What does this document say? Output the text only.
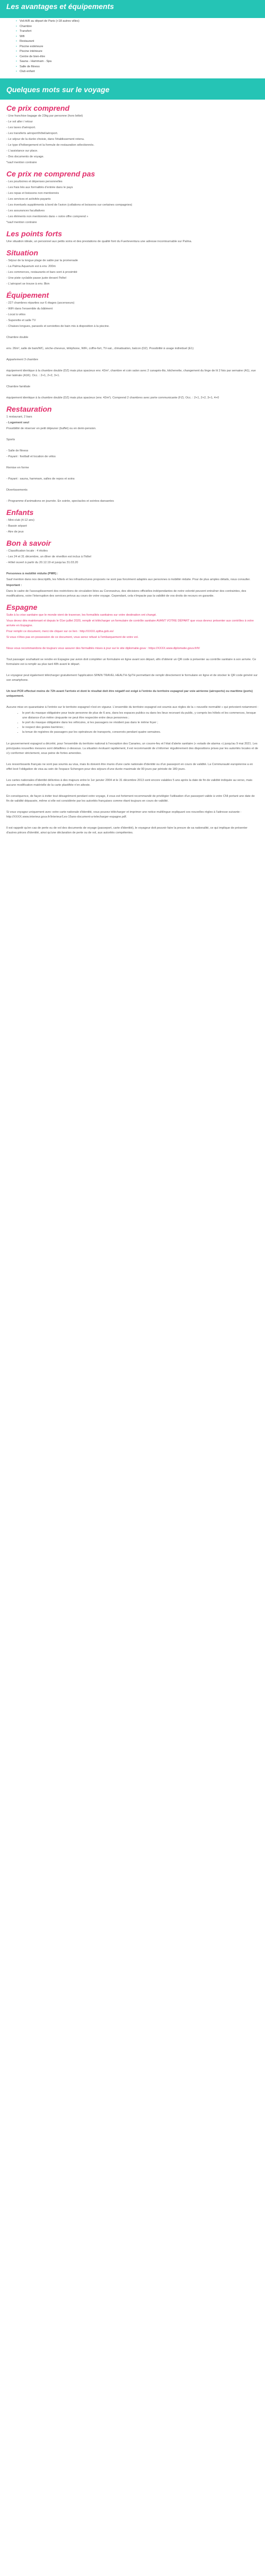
Les avantages et équipements
• Voli A/R au départ de Paris (+18 autres villes)
• Chambre
• Transfert
• Wifi
• Restaurant
• Piscine extérieure
• Piscine intérieure
• Centre de bien-être
• Sauna - Hammam - Spa
• Salle de fitness
• Club enfant
Quelques mots sur le voyage
Ce prix comprend
- Une franchise bagage de 23kg par personne (hors bébé)
- Le vol aller / retour
- Les taxes d'aéroport.
- Les transferts aéroport/hôtel/aéroport.
- Le séjour de la durée choisie, dans l'établissement retenu.
- Le type d'hébergement et la formule de restauration sélectionnés.
- L'assistance sur place.
- Des documents de voyage.
*sauf mention contraire
Ce prix ne comprend pas
- Les pourboires et dépenses personnelles
- Les frais liés aux formalités d'entrée dans le pays
- Les repas et boissons non mentionnés
- Les services et activités payants
- Les éventuels suppléments à bord de l'avion (collations et boissons sur certaines compagnies)
- Les assurances facultatives
- Les éléments non mentionnés dans « notre offre comprend »
*sauf mention contraire
Les points forts
Une situation idéale, un personnel aux petits soins et des prestations de qualité font du Fuerteventura une adresse incontournable sur Palma.
Situation
- Séjour de la longue plage de sable par la promenade
- La Palma Aquarium est à env. 200m
- Les commerces, restaurants et bars sont à proximité
- Une piste cyclable passe juste devant l'hôtel
- L'aéroport se trouve à env. 8km
Équipement
- 227 chambres réparties sur 6 étages (ascenseurs)
- WiFi dans l'ensemble du bâtiment
- Local à vélos
- Superette et salle TV
- Chaises longues, parasols et serviettes de bain mis à disposition à la piscine.
Chambre double
env. 26m², salle de bain/WC, sèche-cheveux, téléphone, WiFi, coffre-fort, TV-sat., climatisation, balcon (DZ). Possibilité à usage individuel (E1)
Appartement 3 chambre
équipement identique à la chambre double (DZ) mais plus spacieux env. 42m², chambre et coin salon avec 2 canapés-lits, kitchenette, changement du linge de lit 2 fois par semaine (A1), vue mer latérale (A1K). Occ. : 2+1, 2+2, 3+1.
Chambre familiale
équipement identique à la chambre double (DZ) mais plus spacieux (env. 42m²). Comprend 2 chambres avec porte communicante (FZ). Occ. : 2+1, 2+2, 3+1, 4+0
Restauration
1 restaurant, 2 bars
- Logement seul
Possibilité de réserver en petit déjeuner (buffet) ou en demi-pension.
Sports
- Salle de fitness
- Payant : football et location de vélos
Remise en forme
- Payant : sauna, hammam, salles de repos et soins
Divertissements
- Programme d'animations en journée. En soirée, spectacles et soirées dansantes
Enfants
- Mini-club (4-12 ans)
- Bassin séparé
- Aire de jeux
Bon à savoir
- Classification locale : 4 étoiles
- Les 24 et 31 décembre, un dîner de réveillon est inclus à l'hôtel
- Hôtel ouvert à partir du 20.12.19 et jusqu'au 31.03.20
Personnes à mobilité réduite (PMR) :
Sauf mention dans nos descriptifs, les hôtels et les infrastructures proposés ne sont pas forcément adaptés aux personnes à mobilité réduite. Pour de plus amples détails, nous consulter.
Important :
Dans le cadre de l'assouplissement des restrictions de circulation liées au Coronavirus, des décisions officielles indépendantes de notre volonté peuvent entraîner des contraintes, des modifications, voire l'interruption des services prévus au cours de votre voyage. Cependant, cela n'impacte pas la validité de vos droits de recours en garantie.
Espagne
Suite à la crise sanitaire que le monde vient de traverser, les formalités sanitaires sur votre destination ont changé.
Vous devez dès maintenant et depuis le 01er juillet 2020, remplir et télécharger un formulaire de contrôle sanitaire AVANT VOTRE DÉPART que vous devrez présenter aux contrôles à votre arrivée en Espagne.
Pour remplir ce document, merci de cliquer sur ce lien : http://XXXX.sptha.gob.es/
Si vous n'êtes pas en possession de ce document, vous serez refusé à l'embarquement de votre vol.
Nous vous recommandons de toujours vous assurer des formalités mises à jour sur le site diplomatie.gouv : https://XXXX.www.diplomatie.gouv.fr/fr/
Tout passager souhaitant se rendre en Espagne par avion doit compléter un formulaire en ligne avant son départ, afin d'obtenir un QR code à présenter au contrôle sanitaire à son arrivée. Ce formulaire est à remplir au plus tard 48h avant le départ.
Le voyageur peut également télécharger gratuitement l'application SPAIN TRAVEL HEALTH-SpTH permettant de remplir directement le formulaire en ligne et de stocker le QR code généré sur son smartphone.
Un test PCR effectué moins de 72h avant l'arrivée et dont le résultat doit être négatif est exigé à l'entrée du territoire espagnol par voie aérienne (aéroports) ou maritime (ports) uniquement.
Aucune mise en quarantaine à l'entrée sur le territoire espagnol n'est en vigueur. L'ensemble du territoire espagnol est soumis aux règles de la « nouvelle normalité » qui prévoient notamment :
• le port du masque obligatoire pour toute personne de plus de 6 ans, dans les espaces publics ou dans les lieux recevant du public, y compris les hôtels et les commerces, lorsque une distance d'un mètre cinquante ne peut être respectée entre deux personnes ;
• le port du masque obligatoire dans les véhicules, si les passagers ne résident pas dans le même foyer ;
• le respect des gestes barrières ;
• la tenue de registres de passagers par les opérateurs de transports, conservés pendant quatre semaines.
Le gouvernement espagnol a décrété, pour l'ensemble du territoire national à l'exception des Canaries, un couvre-feu et l'état d'alerte sanitaire (« estado de alarma ») jusqu'au 9 mai 2021. Les principales nouvelles mesures sont détaillées ci-dessous. La situation évoluant rapidement, il est recommandé de s'informer régulièrement des dispositions prises par les autorités locales et de s'y conformer strictement, sous peine de fortes amendes.
Les ressortissants français ne sont pas soumis au visa, mais ils doivent être munis d'une carte nationale d'identité ou d'un passeport en cours de validité. La Communauté européenne a en effet levé l'obligation de visa au sein de l'espace Schengen pour des séjours d'une durée maximale de 90 jours par période de 180 jours.
Les cartes nationales d'identité délivrées à des majeurs entre le 1er janvier 2004 et le 31 décembre 2013 sont encore valables 5 ans après la date de fin de validité indiquée au verso, mais aucune modification matérielle de la carte plastifiée n'en atteste.
En conséquence, de façon à éviter tout désagrément pendant votre voyage, il vous est fortement recommandé de privilégier l'utilisation d'un passeport valide à votre CNI portant une date de fin de validité dépassée, même si elle est considérée par les autorités françaises comme étant toujours en cours de validité.
Si vous voyagez uniquement avec votre carte nationale d'identité, vous pouvez télécharger et imprimer une notice multilingue expliquant ces nouvelles règles à l'adresse suivante : http://XXXX.www.interieur.gouv.fr/Interieur/Les-15ans-document-a-telecharger-espagne.pdf.
Il est rappelé qu'en cas de perte ou de vol des documents de voyage (passeport, carte d'identité), le voyageur doit pouvoir faire la preuve de sa nationalité, ce qui implique de présenter d'autres pièces d'identité, ainsi qu'une déclaration de perte ou de vol, aux autorités compétentes.
